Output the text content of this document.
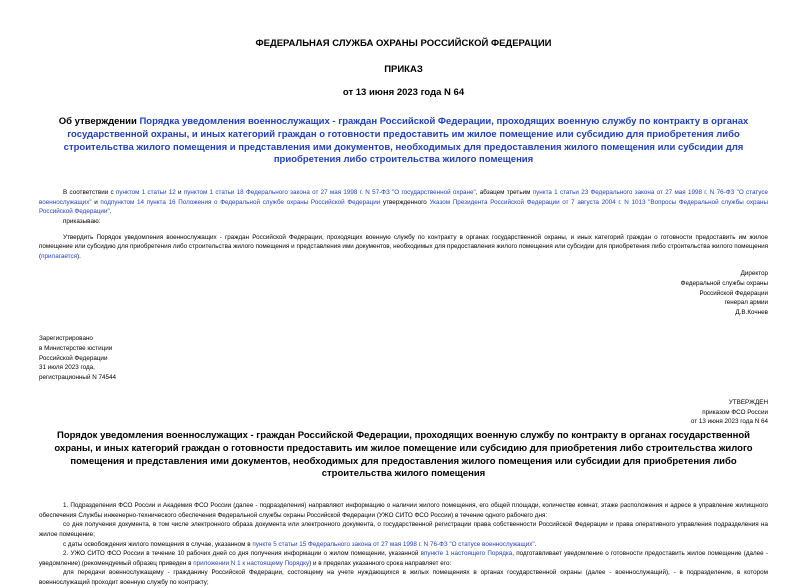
ФЕДЕРАЛЬНАЯ СЛУЖБА ОХРАНЫ РОССИЙСКОЙ ФЕДЕРАЦИИ
ПРИКАЗ
от 13 июня 2023 года N 64
Об утверждении Порядка уведомления военнослужащих - граждан Российской Федерации, проходящих военную службу по контракту в органах государственной охраны, и иных категорий граждан о готовности предоставить им жилое помещение или субсидию для приобретения либо строительства жилого помещения и представления ими документов, необходимых для предоставления жилого помещения или субсидии для приобретения либо строительства жилого помещения

В соответствии с пунктом 1 статьи 12 и пунктом 1 статьи 18 Федерального закона от 27 мая 1998 г. N 57-ФЗ "О государственной охране", абзацем третьим пункта 1 статьи 23 Федерального закона от 27 мая 1998 г. N 76-ФЗ "О статусе военнослужащих" и подпунктом 14 пункта 16 Положения о Федеральной службе охраны Российской Федерации утвержденного Указом Президента Российской Федерации от 7 августа 2004 г. N 1013 "Вопросы Федеральной службы охраны Российской Федерации",

приказываю:

Утвердить Порядок уведомления военнослужащих - граждан Российской Федерации, проходящих военную службу по контракту в органах государственной охраны, и иных категорий граждан о готовности предоставить им жилое помещение или субсидию для приобретения либо строительства жилого помещения и представления ими документов, необходимых для предоставления жилого помещения или субсидии для приобретения либо строительства жилого помещения (прилагается).

Директор
Федеральной службы охраны
Российской Федерации
генерал армии
Д.В.Кочнев
Зарегистрировано
в Министерстве юстиции
Российской Федерации
31 июля 2023 года,
регистрационный N 74544
УТВЕРЖДЕН
приказом ФСО России
от 13 июня 2023 года N 64
Порядок уведомления военнослужащих - граждан Российской Федерации, проходящих военную службу по контракту в органах государственной охраны, и иных категорий граждан о готовности предоставить им жилое помещение или субсидию для приобретения либо строительства жилого помещения и представления ими документов, необходимых для предоставления жилого помещения или субсидии для приобретения либо строительства жилого помещения

1. Подразделения ФСО России и Академия ФСО России (далее - подразделения) направляют информацию о наличии жилого помещения, его общей площади, количестве комнат, этаже расположения и адресе в управление жилищного обеспечения Службы инженерно-технического обеспечения Федеральной службы охраны Российской Федерации (УЖО СИТО ФСО России) в течение одного рабочего дня:

со дня получения документа, в том числе электронного образа документа или электронного документа, о государственной регистрации права собственности Российской Федерации и права оперативного управления подразделения на жилое помещение;

с даты освобождения жилого помещения в случае, указанном в пункте 5 статьи 15 Федерального закона от 27 мая 1998 г. N 76-ФЗ "О статусе военнослужащих".

2. УЖО СИТО ФСО России в течение 10 рабочих дней со дня получения информации о жилом помещении, указанной впункте 1 настоящего Порядка, подготавливает уведомление о готовности предоставить жилое помещение (далее - уведомление) (рекомендуемый образец приведен в приложении N 1 к настоящему Порядку) и в пределах указанного срока направляет его:

для передачи военнослужащему - гражданину Российской Федерации, состоящему на учете нуждающихся в жилых помещениях в органах государственной охраны (далее - военнослужащий), - в подразделение, в котором военнослужащий проходит военную службу по контракту;
